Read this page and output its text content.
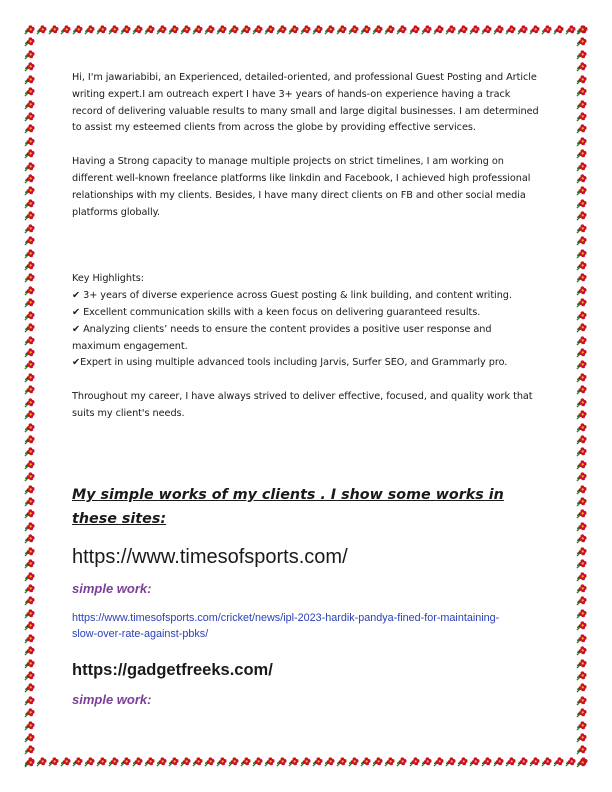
Hi, I'm jawariabibi, an Experienced, detailed-oriented, and professional Guest Posting and Article writing expert.I am outreach expert I have 3+ years of hands-on experience having a track record of delivering valuable results to many small and large digital businesses. I am determined to assist my esteemed clients from across the globe by providing effective services.

Having a Strong capacity to manage multiple projects on strict timelines, I am working on different well-known freelance platforms like linkdin and Facebook, I achieved high professional relationships with my clients. Besides, I have many direct clients on FB and other social media platforms globally.

Key Highlights:

✔ 3+ years of diverse experience across Guest posting & link building, and content writing.

✔ Excellent communication skills with a keen focus on delivering guaranteed results.

✔ Analyzing clients’ needs to ensure the content provides a positive user response and maximum engagement.

✔Expert in using multiple advanced tools including Jarvis, Surfer SEO, and Grammarly pro.

Throughout my career, I have always strived to deliver effective, focused, and quality work that suits my client's needs.

My simple works of my clients . I show some works in these sites:

https://www.timesofsports.com/

simple work:

https://www.timesofsports.com/cricket/news/ipl-2023-hardik-pandya-fined-for-maintaining-slow-over-rate-against-pbks/

https://gadgetfreeks.com/

simple work:
